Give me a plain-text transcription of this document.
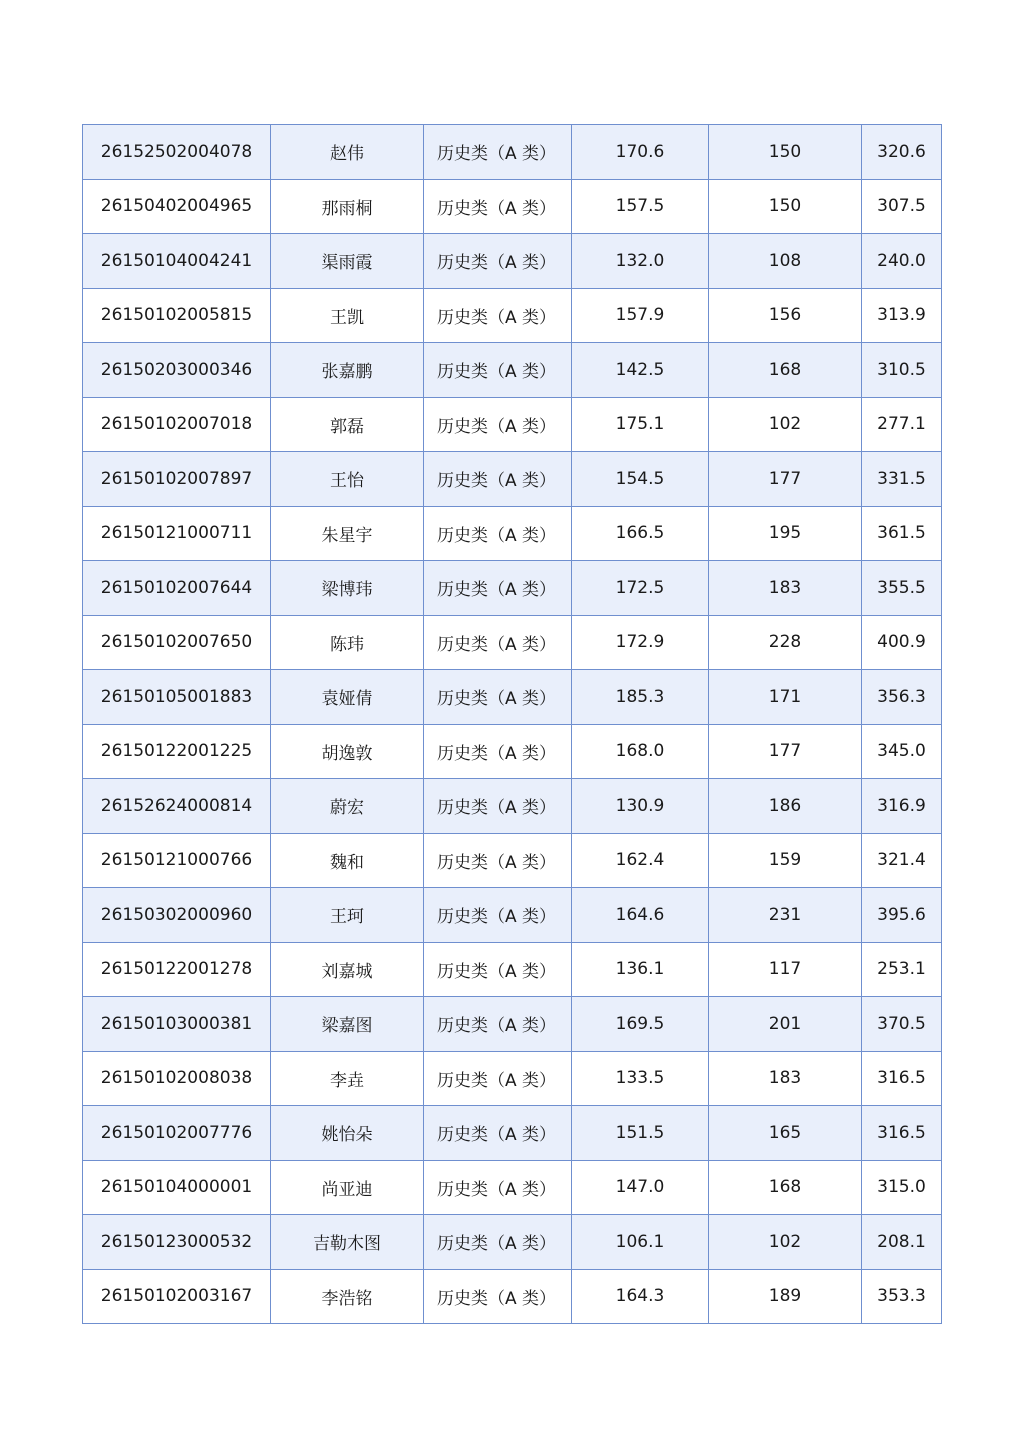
26152502004078	赵伟	历史类（A 类）	170.6	150	320.6
26150402004965	那雨桐	历史类（A 类）	157.5	150	307.5
26150104004241	渠雨霞	历史类（A 类）	132.0	108	240.0
26150102005815	王凯	历史类（A 类）	157.9	156	313.9
26150203000346	张嘉鹏	历史类（A 类）	142.5	168	310.5
26150102007018	郭磊	历史类（A 类）	175.1	102	277.1
26150102007897	王怡	历史类（A 类）	154.5	177	331.5
26150121000711	朱星宇	历史类（A 类）	166.5	195	361.5
26150102007644	梁博玮	历史类（A 类）	172.5	183	355.5
26150102007650	陈玮	历史类（A 类）	172.9	228	400.9
26150105001883	袁娅倩	历史类（A 类）	185.3	171	356.3
26150122001225	胡逸敦	历史类（A 类）	168.0	177	345.0
26152624000814	蔚宏	历史类（A 类）	130.9	186	316.9
26150121000766	魏和	历史类（A 类）	162.4	159	321.4
26150302000960	王珂	历史类（A 类）	164.6	231	395.6
26150122001278	刘嘉城	历史类（A 类）	136.1	117	253.1
26150103000381	梁嘉图	历史类（A 类）	169.5	201	370.5
26150102008038	李垚	历史类（A 类）	133.5	183	316.5
26150102007776	姚怡朵	历史类（A 类）	151.5	165	316.5
26150104000001	尚亚迪	历史类（A 类）	147.0	168	315.0
26150123000532	吉勒木图	历史类（A 类）	106.1	102	208.1
26150102003167	李浩铭	历史类（A 类）	164.3	189	353.3
